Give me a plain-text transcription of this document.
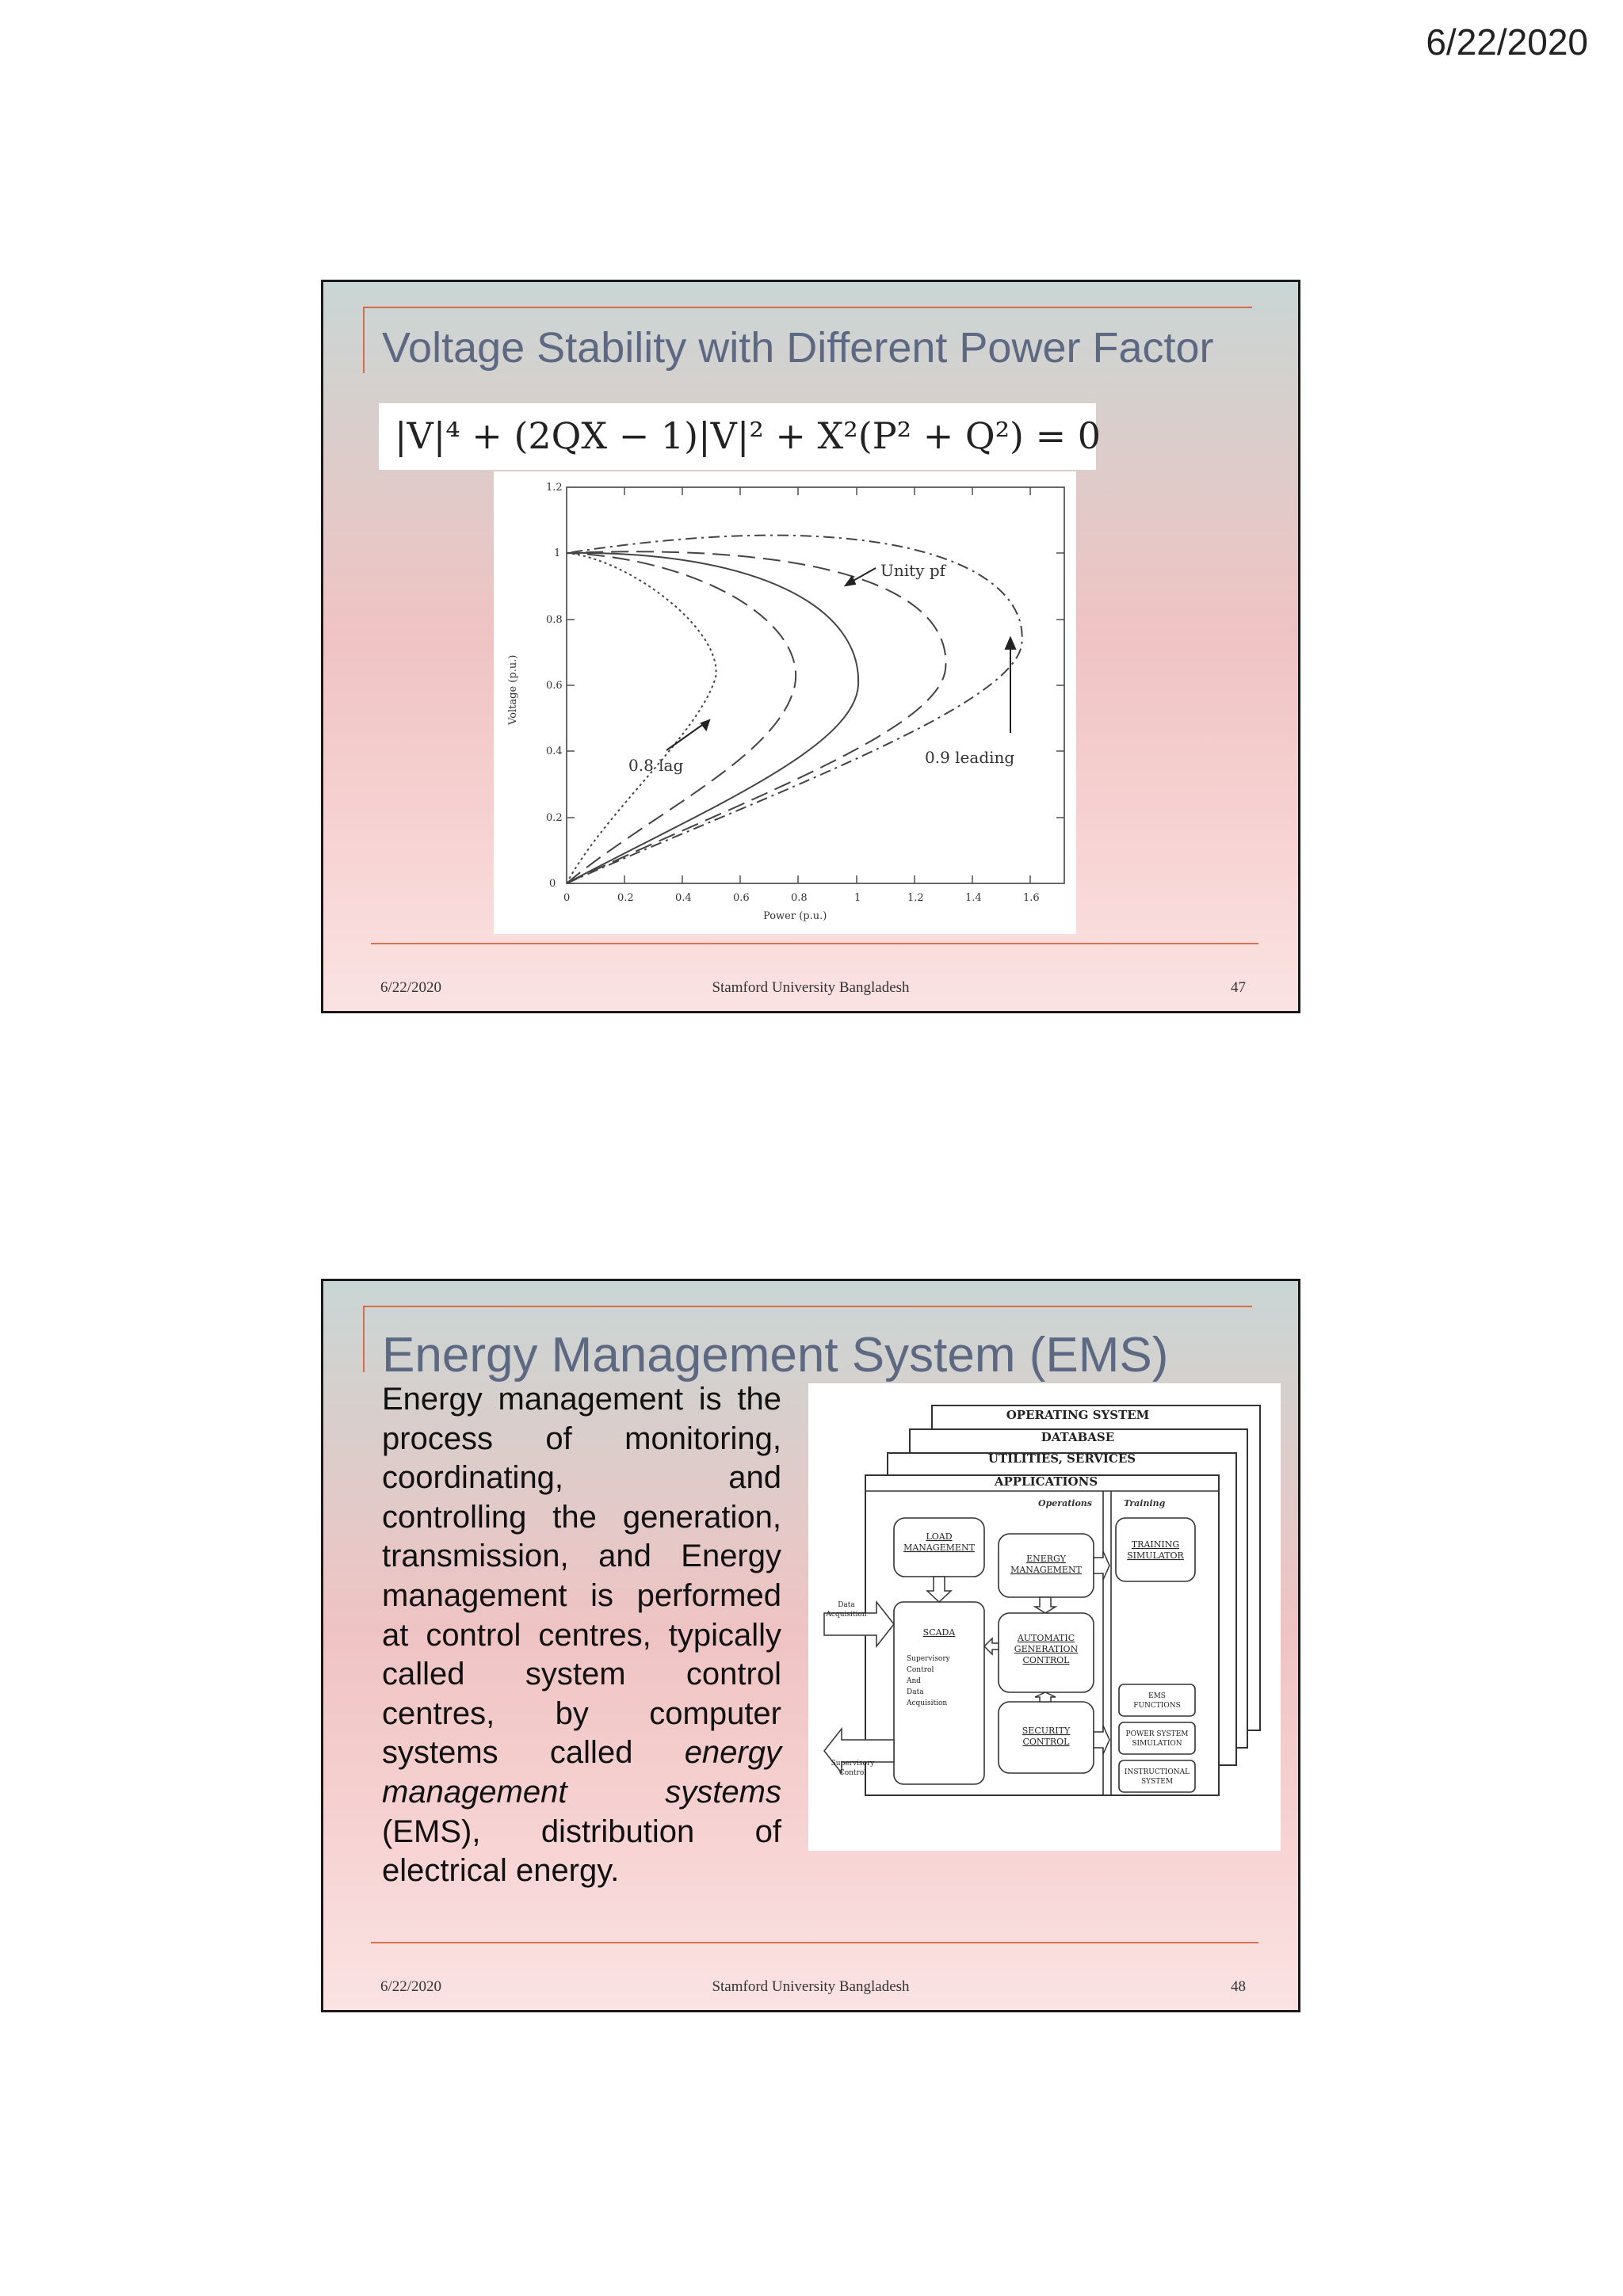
6/22/2020
Voltage Stability with Different Power Factor
|V|⁴ + (2QX − 1)|V|² + X²(P² + Q²) = 0
0
0.2
0.4
0.6
0.8
1
1.2
0	0.2	0.4	0.6	0.8	1	1.2	1.4	1.6
Power (p.u.)
Voltage (p.u.)
Unity pf
0.8 lag	0.9 leading
6/22/2020	Stamford University Bangladesh	47
Energy Management System (EMS)
Energy management is the
process of monitoring,
coordinating, and
controlling the generation,
transmission, and Energy
management is performed
at control centres, typically
called system control
centres, by computer
systems called energy
management systems
(EMS), distribution of
electrical energy.
OPERATING SYSTEM
DATABASE
UTILITIES, SERVICES
APPLICATIONS
Operations	Training
LOAD
MANAGEMENT
ENERGY
MANAGEMENT
TRAINING
SIMULATOR
SCADA
AUTOMATIC
GENERATION
CONTROL
SECURITY
CONTROL
EMS
FUNCTIONS
POWER SYSTEM
SIMULATION
INSTRUCTIONAL
SYSTEM
Data
Acquisition
Supervisory
Control
Supervisory
Control
And
Data
Acquisition
6/22/2020	Stamford University Bangladesh	48
